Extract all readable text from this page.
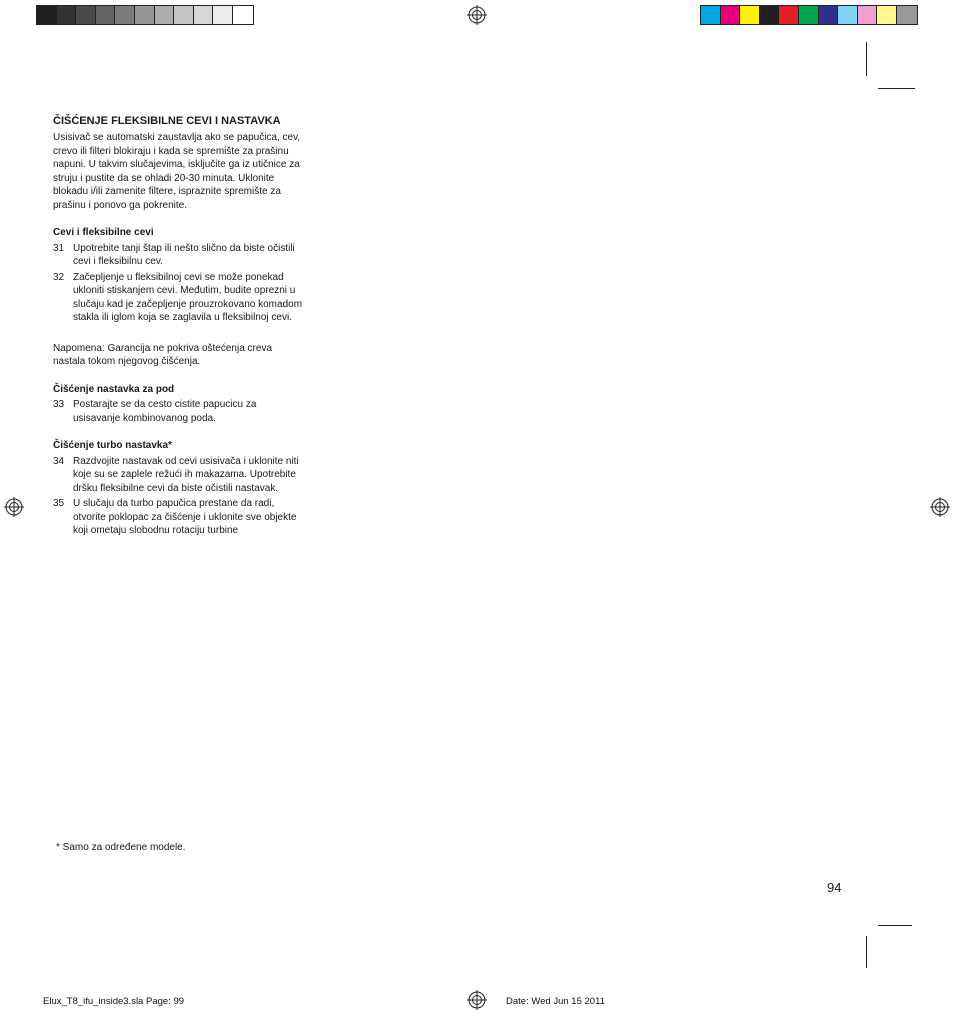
ČIŠĆENJE FLEKSIBILNE CEVI I NASTAVKA

Usisivač se automatski zaustavlja ako se papučica, cev, crevo ili filteri blokiraju i kada se spremište za prašinu napuni. U takvim slučajevima, isključite ga iz utičnice za struju i pustite da se ohladi 20-30 minuta. Uklonite blokadu i/ili zamenite filtere, ispraznite spremište za prašinu i ponovo ga pokrenite.

Cevi i fleksibilne cevi
31 Upotrebite tanji štap ili nešto slično da biste očistili cevi i fleksibilnu cev.
32 Začepljenje u fleksibilnoj cevi se može ponekad ukloniti stiskanjem cevi. Međutim, budite oprezni u slučaju kad je začepljenje prouzrokovano komadom stakla ili iglom koja se zaglavila u fleksibilnoj cevi.

Napomena: Garancija ne pokriva oštećenja creva nastala tokom njegovog čišćenja.

Čišćenje nastavka za pod
33 Postarajte se da cesto cistite papucicu za usisavanje kombinovanog poda.
Čišćenje turbo nastavka*
34 Razdvojite nastavak od cevi usisivača i uklonite niti koje su se zaplele režući ih makazama. Upotrebite dršku fleksibilne cevi da biste očistili nastavak.
35 U slučaju da turbo papučica prestane da radi, otvorite poklopac za čišćenje i uklonite sve objekte koji ometaju slobodnu rotaciju turbine
* Samo za određene modele.
94
Elux_T8_ifu_inside3.sla Page: 99	Date: Wed Jun 15 2011
